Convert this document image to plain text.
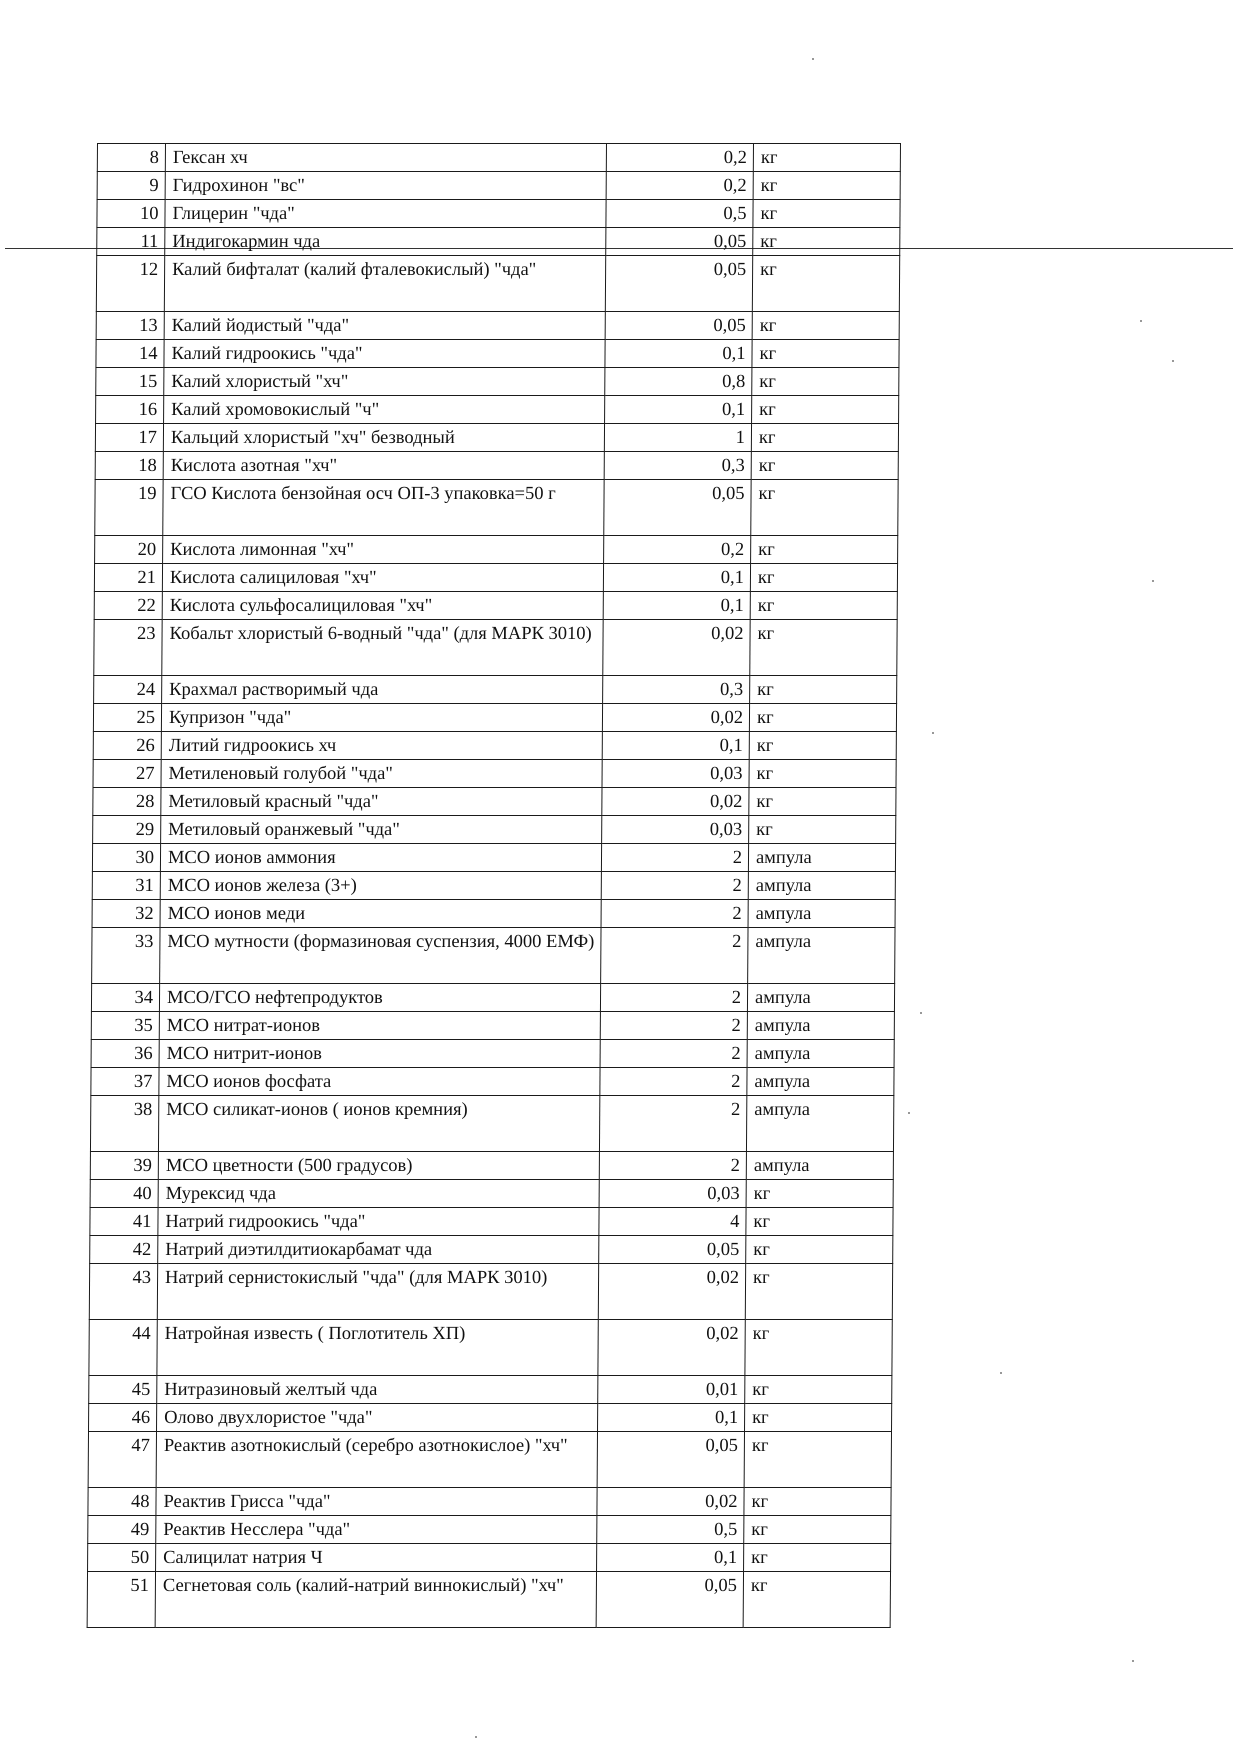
8	Гексан хч	0,2	кг
9	Гидрохинон "вс"	0,2	кг
10	Глицерин "чда"	0,5	кг
11	Индигокармин чда	0,05	кг
12	Калий бифталат (калий фталевокислый) "чда"	0,05	кг
13	Калий йодистый "чда"	0,05	кг
14	Калий гидроокись "чда"	0,1	кг
15	Калий хлористый "хч"	0,8	кг
16	Калий хромовокислый "ч"	0,1	кг
17	Кальций хлористый "хч" безводный	1	кг
18	Кислота азотная "хч"	0,3	кг
19	ГСО Кислота бензойная осч ОП-3 упаковка=50 г	0,05	кг
20	Кислота лимонная "хч"	0,2	кг
21	Кислота салициловая "хч"	0,1	кг
22	Кислота сульфосалициловая "хч"	0,1	кг
23	Кобальт хлористый 6-водный "чда" (для МАРК 3010)	0,02	кг
24	Крахмал растворимый чда	0,3	кг
25	Купризон "чда"	0,02	кг
26	Литий гидроокись хч	0,1	кг
27	Метиленовый голубой "чда"	0,03	кг
28	Метиловый красный "чда"	0,02	кг
29	Метиловый оранжевый "чда"	0,03	кг
30	МСО ионов аммония	2	ампула
31	МСО ионов железа (3+)	2	ампула
32	МСО ионов меди	2	ампула
33	МСО мутности (формазиновая суспензия, 4000 ЕМФ)	2	ампула
34	МСО/ГСО нефтепродуктов	2	ампула
35	МСО нитрат-ионов	2	ампула
36	МСО нитрит-ионов	2	ампула
37	МСО ионов фосфата	2	ампула
38	МСО силикат-ионов ( ионов кремния)	2	ампула
39	МСО цветности (500 градусов)	2	ампула
40	Мурексид чда	0,03	кг
41	Натрий гидроокись "чда"	4	кг
42	Натрий диэтилдитиокарбамат чда	0,05	кг
43	Натрий сернистокислый "чда" (для МАРК 3010)	0,02	кг
44	Натройная известь ( Поглотитель ХП)	0,02	кг
45	Нитразиновый желтый чда	0,01	кг
46	Олово двухлористое "чда"	0,1	кг
47	Реактив азотнокислый (серебро азотнокислое) "хч"	0,05	кг
48	Реактив Грисса "чда"	0,02	кг
49	Реактив Несслера "чда"	0,5	кг
50	Салицилат натрия Ч	0,1	кг
51	Сегнетовая соль (калий-натрий виннокислый) "хч"	0,05	кг
